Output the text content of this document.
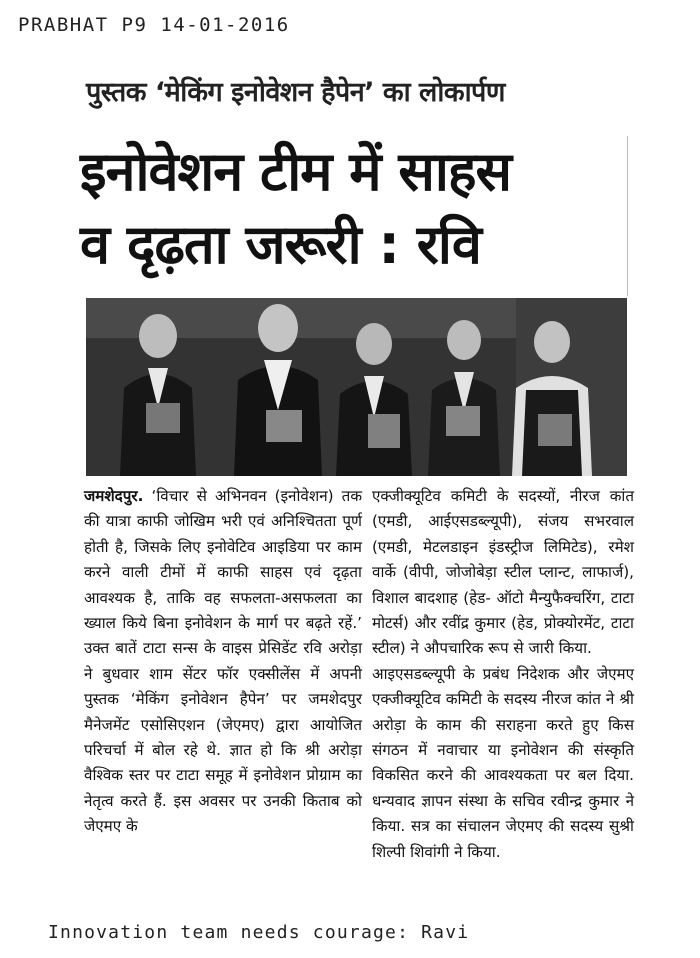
PRABHAT P9 14-01-2016
पुस्तक ‘मेकिंग इनोवेशन हैपेन’ का लोकार्पण
इनोवेशन टीम में साहस
व दृढ़ता जरूरी : रवि

जमशेदपुर. ‘विचार से अभिनवन (इनोवेशन) तक की यात्रा काफी जोखिम भरी एवं अनिश्चितता पूर्ण होती है, जिसके लिए इनोवेटिव आइडिया पर काम करने वाली टीमों में काफी साहस एवं दृढ़ता आवश्यक है, ताकि वह सफलता-असफलता का ख्याल किये बिना इनोवेशन के मार्ग पर बढ़ते रहें.’ उक्त बातें टाटा सन्स के वाइस प्रेसिडेंट रवि अरोड़ा ने बुधवार शाम सेंटर फॉर एक्सीलेंस में अपनी पुस्तक ‘मेकिंग इनोवेशन हैपेन’ पर जमशेदपुर मैनेजमेंट एसोसिएशन (जेएमए) द्वारा आयोजित परिचर्चा में बोल रहे थे. ज्ञात हो कि श्री अरोड़ा वैश्विक स्तर पर टाटा समूह में इनोवेशन प्रोग्राम का नेतृत्व करते हैं. इस अवसर पर उनकी किताब को जेएमए के

एक्जीक्यूटिव कमिटी के सदस्यों, नीरज कांत (एमडी, आईएसडब्ल्यूपी), संजय सभरवाल (एमडी, मेटलडाइन इंडस्ट्रीज लिमिटेड), रमेश वार्के (वीपी, जोजोबेड़ा स्टील प्लान्ट, लाफार्ज), विशाल बादशाह (हेड- ऑटो मैन्युफैक्चरिंग, टाटा मोटर्स) और रवींद्र कुमार (हेड, प्रोक्योरमेंट, टाटा स्टील) ने औपचारिक रूप से जारी किया.

आइएसडब्ल्यूपी के प्रबंध निदेशक और जेएमए एक्जीक्यूटिव कमिटी के सदस्य नीरज कांत ने श्री अरोड़ा के काम की सराहना करते हुए किस संगठन में नवाचार या इनोवेशन की संस्कृति विकसित करने की आवश्यकता पर बल दिया. धन्यवाद ज्ञापन संस्था के सचिव रवीन्द्र कुमार ने किया. सत्र का संचालन जेएमए की सदस्य सुश्री शिल्पी शिवांगी ने किया.

Innovation team needs courage: Ravi
